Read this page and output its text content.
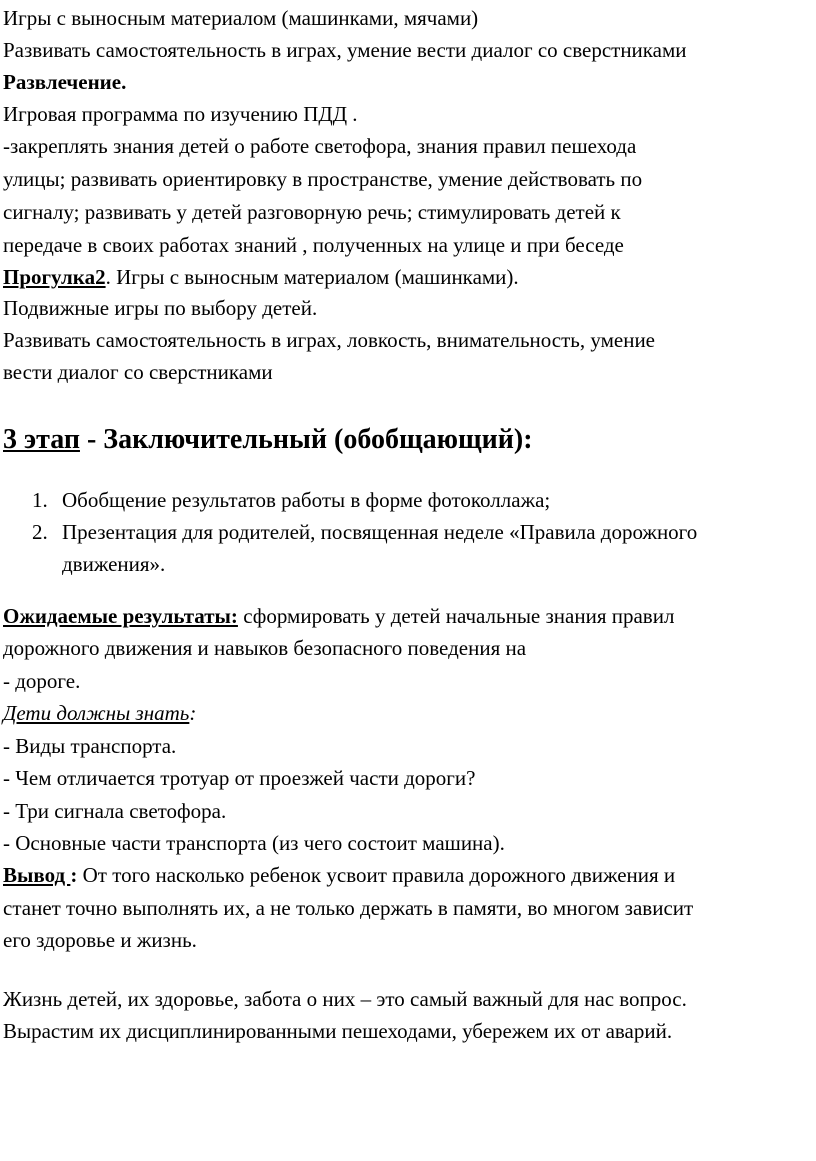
Игры с выносным материалом (машинками, мячами)
Развивать самостоятельность в играх, умение вести диалог со сверстниками
Развлечение.
Игровая программа по изучению ПДД .
-закреплять знания детей о работе светофора, знания правил пешехода
улицы; развивать ориентировку в пространстве, умение действовать по
сигналу; развивать у детей разговорную речь; стимулировать детей к
передаче в своих работах знаний , полученных на улице и при беседе
Прогулка2. Игры с выносным материалом (машинками).
Подвижные игры по выбору детей.
Развивать самостоятельность в играх, ловкость, внимательность, умение
вести диалог со сверстниками
3 этап - Заключительный (обобщающий):
1. Обобщение результатов работы в форме фотоколлажа;
2. Презентация для родителей, посвященная неделе «Правила дорожного
движения».
Ожидаемые результаты: сформировать у детей начальные знания правил
дорожного движения и навыков безопасного поведения на
- дороге.
Дети должны знать:
- Виды транспорта.
- Чем отличается тротуар от проезжей части дороги?
- Три сигнала светофора.
- Основные части транспорта (из чего состоит машина).
Вывод : От того насколько ребенок усвоит правила дорожного движения и
станет точно выполнять их, а не только держать в памяти, во многом зависит
его здоровье и жизнь.
Жизнь детей, их здоровье, забота о них – это самый важный для нас вопрос.
Вырастим их дисциплинированными пешеходами, убережем их от аварий.
